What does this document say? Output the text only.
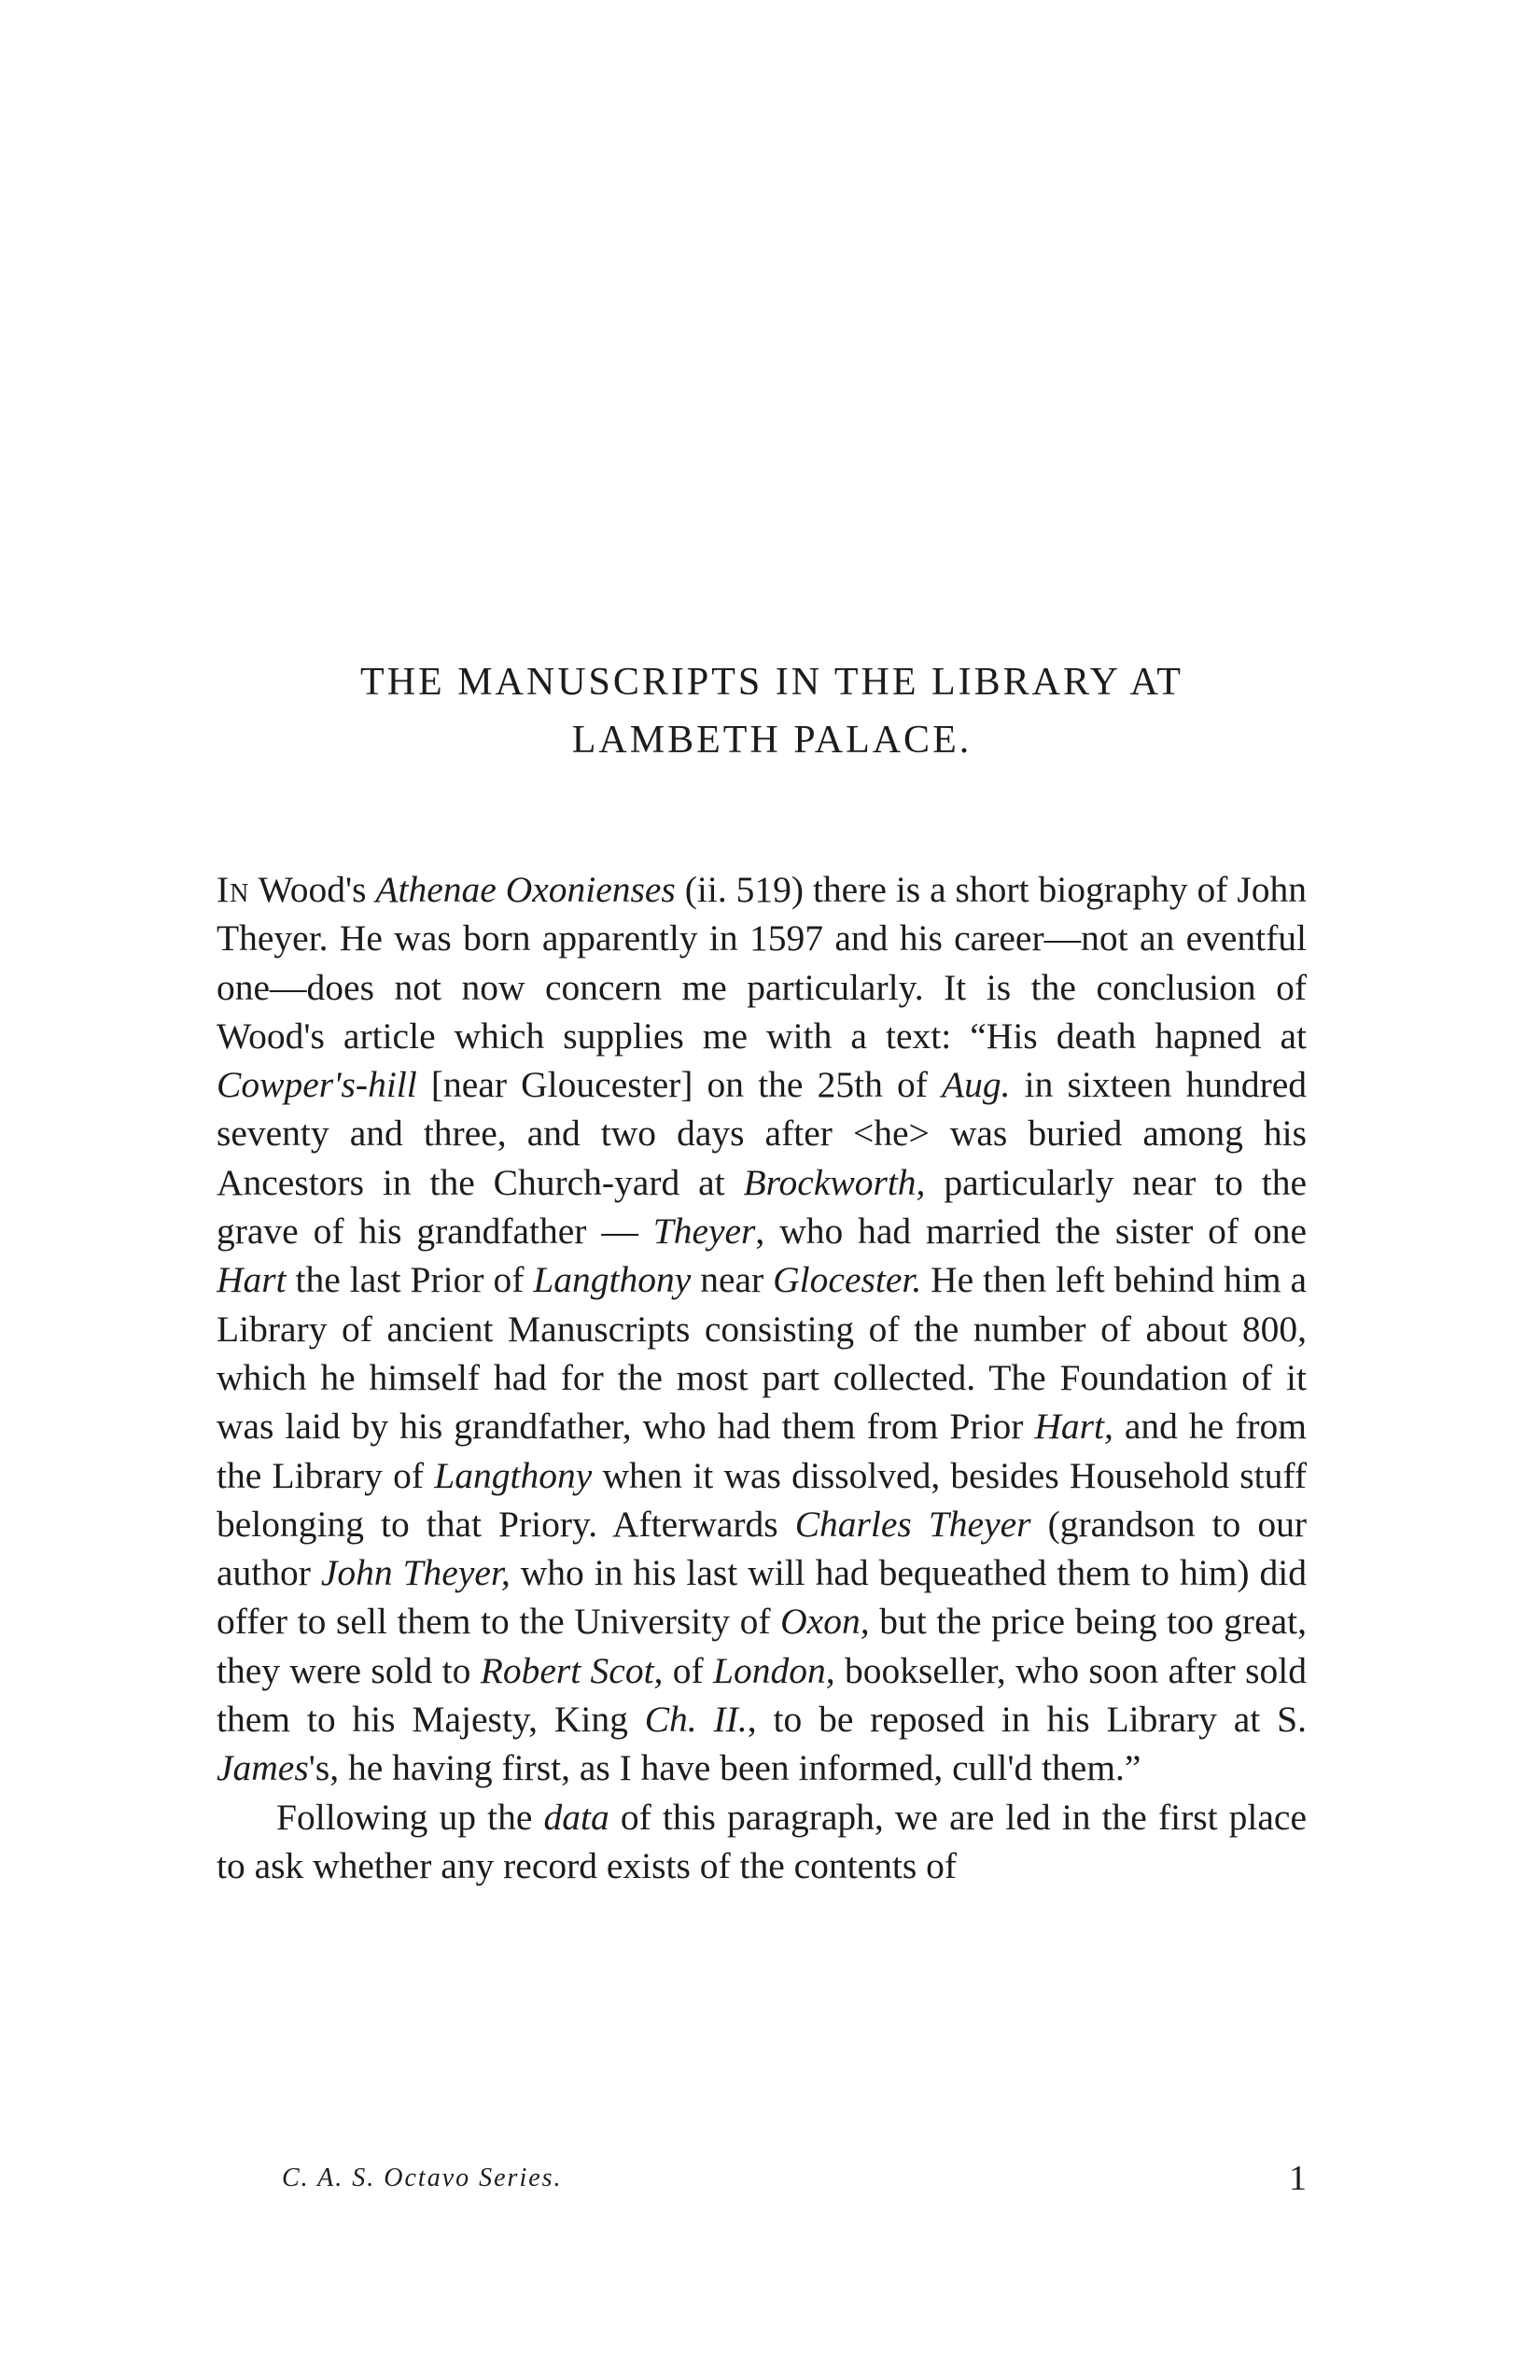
THE MANUSCRIPTS IN THE LIBRARY AT
LAMBETH PALACE.

In Wood's Athenae Oxonienses (ii. 519) there is a short biography of John Theyer. He was born apparently in 1597 and his career—not an eventful one—does not now concern me particularly. It is the conclusion of Wood's article which supplies me with a text: “His death hapned at Cowper's-hill [near Gloucester] on the 25th of Aug. in sixteen hundred seventy and three, and two days after <he> was buried among his Ancestors in the Church-yard at Brockworth, particularly near to the grave of his grandfather — Theyer, who had married the sister of one Hart the last Prior of Langthony near Glocester. He then left behind him a Library of ancient Manuscripts consisting of the number of about 800, which he himself had for the most part collected. The Foundation of it was laid by his grandfather, who had them from Prior Hart, and he from the Library of Langthony when it was dissolved, besides Household stuff belonging to that Priory. Afterwards Charles Theyer (grandson to our author John Theyer, who in his last will had bequeathed them to him) did offer to sell them to the University of Oxon, but the price being too great, they were sold to Robert Scot, of London, bookseller, who soon after sold them to his Majesty, King Ch. II., to be reposed in his Library at S. James's, he having first, as I have been informed, cull'd them.”

Following up the data of this paragraph, we are led in the first place to ask whether any record exists of the contents of

C. A. S. Octavo Series.	1
